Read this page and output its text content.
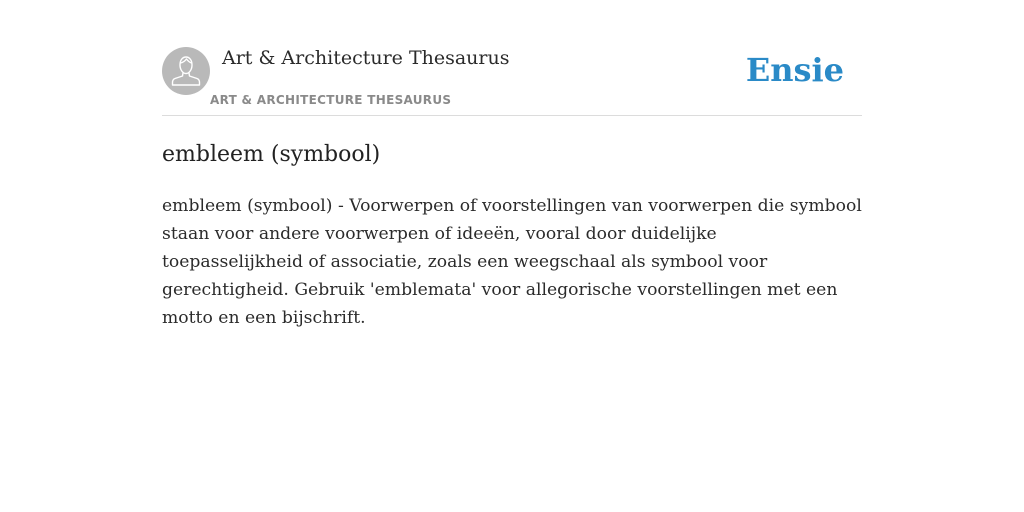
Art & Architecture Thesaurus
ART & ARCHITECTURE THESAURUS
Ensie
embleem (symbool)

embleem (symbool) - Voorwerpen of voorstellingen van voorwerpen die symbool staan voor andere voorwerpen of ideeën, vooral door duidelijke toepasselijkheid of associatie, zoals een weegschaal als symbool voor gerechtigheid. Gebruik 'emblemata' voor allegorische voorstellingen met een motto en een bijschrift.
